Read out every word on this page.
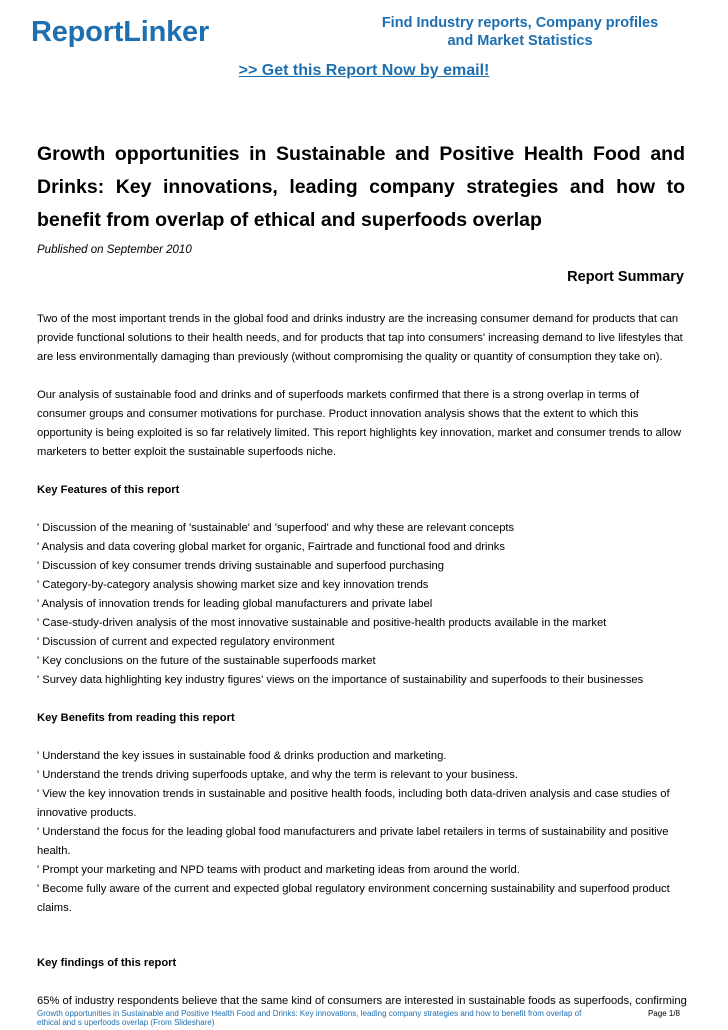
ReportLinker	Find Industry reports, Company profiles
and Market Statistics
>> Get this Report Now by email!
Growth opportunities in Sustainable and Positive Health Food and Drinks: Key innovations, leading company strategies and how to benefit from overlap of ethical and superfoods overlap
Published on September 2010
Report Summary

Two of the most important trends in the global food and drinks industry are the increasing consumer demand for products that can provide functional solutions to their health needs, and for products that tap into consumers' increasing demand to live lifestyles that are less environmentally damaging than previously (without compromising the quality or quantity of consumption they take on).

Our analysis of sustainable food and drinks and of superfoods markets confirmed that there is a strong overlap in terms of consumer groups and consumer motivations for purchase. Product innovation analysis shows that the extent to which this opportunity is being exploited is so far relatively limited. This report highlights key innovation, market and consumer trends to allow marketers to better exploit the sustainable superfoods niche.

Key Features of this report
' Discussion of the meaning of 'sustainable' and 'superfood' and why these are relevant concepts
' Analysis and data covering global market for organic, Fairtrade and functional food and drinks
' Discussion of key consumer trends driving sustainable and superfood purchasing
' Category-by-category analysis showing market size and key innovation trends
' Analysis of innovation trends for leading global manufacturers and private label
' Case-study-driven analysis of the most innovative sustainable and positive-health products available in the market
' Discussion of current and expected regulatory environment
' Key conclusions on the future of the sustainable superfoods market
' Survey data highlighting key industry figures' views on the importance of sustainability and superfoods to their businesses
Key Benefits from reading this report
' Understand the key issues in sustainable food & drinks production and marketing.
' Understand the trends driving superfoods uptake, and why the term is relevant to your business.
' View the key innovation trends in sustainable and positive health foods, including both data-driven analysis and case studies of innovative products.
' Understand the focus for the leading global food manufacturers and private label retailers in terms of sustainability and positive health.
' Prompt your marketing and NPD teams with product and marketing ideas from around the world.
' Become fully aware of the current and expected global regulatory environment concerning sustainability and superfood product claims.
Key findings of this report

65% of industry respondents believe that the same kind of consumers are interested in sustainable foods as superfoods, confirming

Growth opportunities in Sustainable and Positive Health Food and Drinks: Key innovations, leading company strategies and how to benefit from overlap of ethical and s uperfoods overlap (From Slideshare)
Page 1/8
